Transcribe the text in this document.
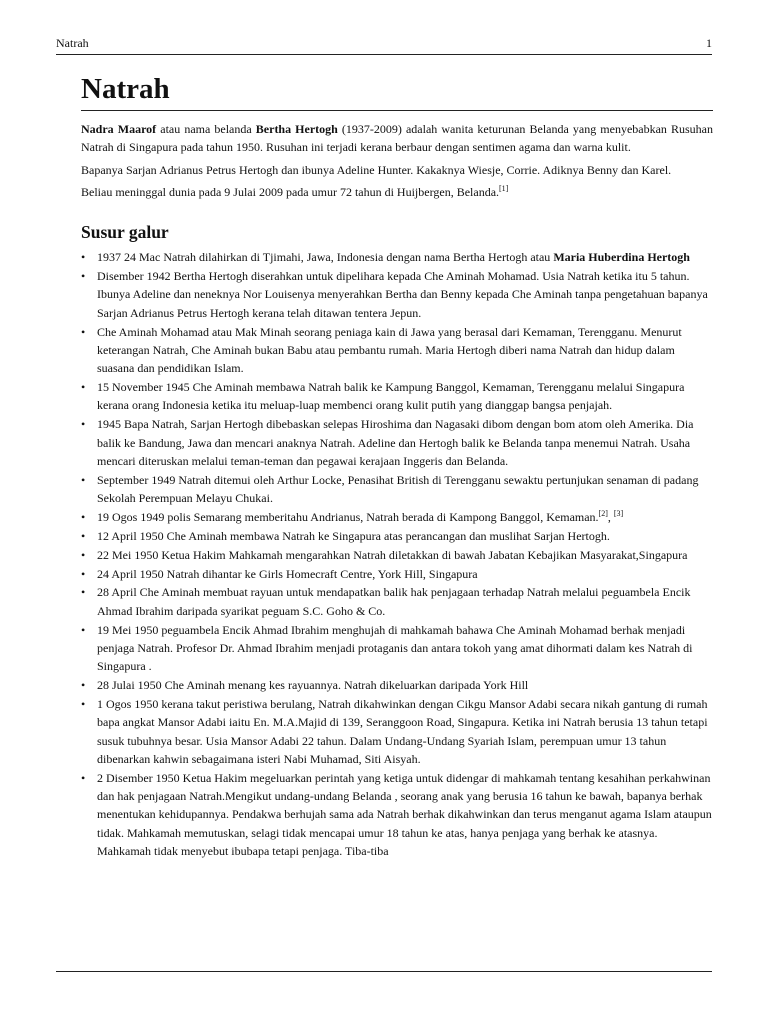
Natrah	1
Natrah

Nadra Maarof atau nama belanda Bertha Hertogh (1937-2009) adalah wanita keturunan Belanda yang menyebabkan Rusuhan Natrah di Singapura pada tahun 1950. Rusuhan ini terjadi kerana berbaur dengan sentimen agama dan warna kulit.

Bapanya Sarjan Adrianus Petrus Hertogh dan ibunya Adeline Hunter. Kakaknya Wiesje, Corrie. Adiknya Benny dan Karel.

Beliau meninggal dunia pada 9 Julai 2009 pada umur 72 tahun di Huijbergen, Belanda.[1]

Susur galur
• 1937 24 Mac Natrah dilahirkan di Tjimahi, Jawa, Indonesia dengan nama Bertha Hertogh atau Maria Huberdina Hertogh
• Disember 1942 Bertha Hertogh diserahkan untuk dipelihara kepada Che Aminah Mohamad. Usia Natrah ketika itu 5 tahun. Ibunya Adeline dan neneknya Nor Louisenya menyerahkan Bertha dan Benny kepada Che Aminah tanpa pengetahuan bapanya Sarjan Adrianus Petrus Hertogh kerana telah ditawan tentera Jepun.
• Che Aminah Mohamad atau Mak Minah seorang peniaga kain di Jawa yang berasal dari Kemaman, Terengganu. Menurut keterangan Natrah, Che Aminah bukan Babu atau pembantu rumah. Maria Hertogh diberi nama Natrah dan hidup dalam suasana dan pendidikan Islam.
• 15 November 1945 Che Aminah membawa Natrah balik ke Kampung Banggol, Kemaman, Terengganu melalui Singapura kerana orang Indonesia ketika itu meluap-luap membenci orang kulit putih yang dianggap bangsa penjajah.
• 1945 Bapa Natrah, Sarjan Hertogh dibebaskan selepas Hiroshima dan Nagasaki dibom dengan bom atom oleh Amerika. Dia balik ke Bandung, Jawa dan mencari anaknya Natrah. Adeline dan Hertogh balik ke Belanda tanpa menemui Natrah. Usaha mencari diteruskan melalui teman-teman dan pegawai kerajaan Inggeris dan Belanda.
• September 1949 Natrah ditemui oleh Arthur Locke, Penasihat British di Terengganu sewaktu pertunjukan senaman di padang Sekolah Perempuan Melayu Chukai.
• 19 Ogos 1949 polis Semarang memberitahu Andrianus, Natrah berada di Kampong Banggol, Kemaman.[2], [3]
• 12 April 1950 Che Aminah membawa Natrah ke Singapura atas perancangan dan muslihat Sarjan Hertogh.
• 22 Mei 1950 Ketua Hakim Mahkamah mengarahkan Natrah diletakkan di bawah Jabatan Kebajikan Masyarakat,Singapura
• 24 April 1950 Natrah dihantar ke Girls Homecraft Centre, York Hill, Singapura
• 28 April Che Aminah membuat rayuan untuk mendapatkan balik hak penjagaan terhadap Natrah melalui peguambela Encik Ahmad Ibrahim daripada syarikat peguam S.C. Goho & Co.
• 19 Mei 1950 peguambela Encik Ahmad Ibrahim menghujah di mahkamah bahawa Che Aminah Mohamad berhak menjadi penjaga Natrah. Profesor Dr. Ahmad Ibrahim menjadi protaganis dan antara tokoh yang amat dihormati dalam kes Natrah di Singapura .
• 28 Julai 1950 Che Aminah menang kes rayuannya. Natrah dikeluarkan daripada York Hill
• 1 Ogos 1950 kerana takut peristiwa berulang, Natrah dikahwinkan dengan Cikgu Mansor Adabi secara nikah gantung di rumah bapa angkat Mansor Adabi iaitu En. M.A.Majid di 139, Seranggoon Road, Singapura. Ketika ini Natrah berusia 13 tahun tetapi susuk tubuhnya besar. Usia Mansor Adabi 22 tahun. Dalam Undang-Undang Syariah Islam, perempuan umur 13 tahun dibenarkan kahwin sebagaimana isteri Nabi Muhamad, Siti Aisyah.
• 2 Disember 1950 Ketua Hakim megeluarkan perintah yang ketiga untuk didengar di mahkamah tentang kesahihan perkahwinan dan hak penjagaan Natrah.Mengikut undang-undang Belanda , seorang anak yang berusia 16 tahun ke bawah, bapanya berhak menentukan kehidupannya. Pendakwa berhujah sama ada Natrah berhak dikahwinkan dan terus menganut agama Islam ataupun tidak. Mahkamah memutuskan, selagi tidak mencapai umur 18 tahun ke atas, hanya penjaga yang berhak ke atasnya. Mahkamah tidak menyebut ibubapa tetapi penjaga. Tiba-tiba
